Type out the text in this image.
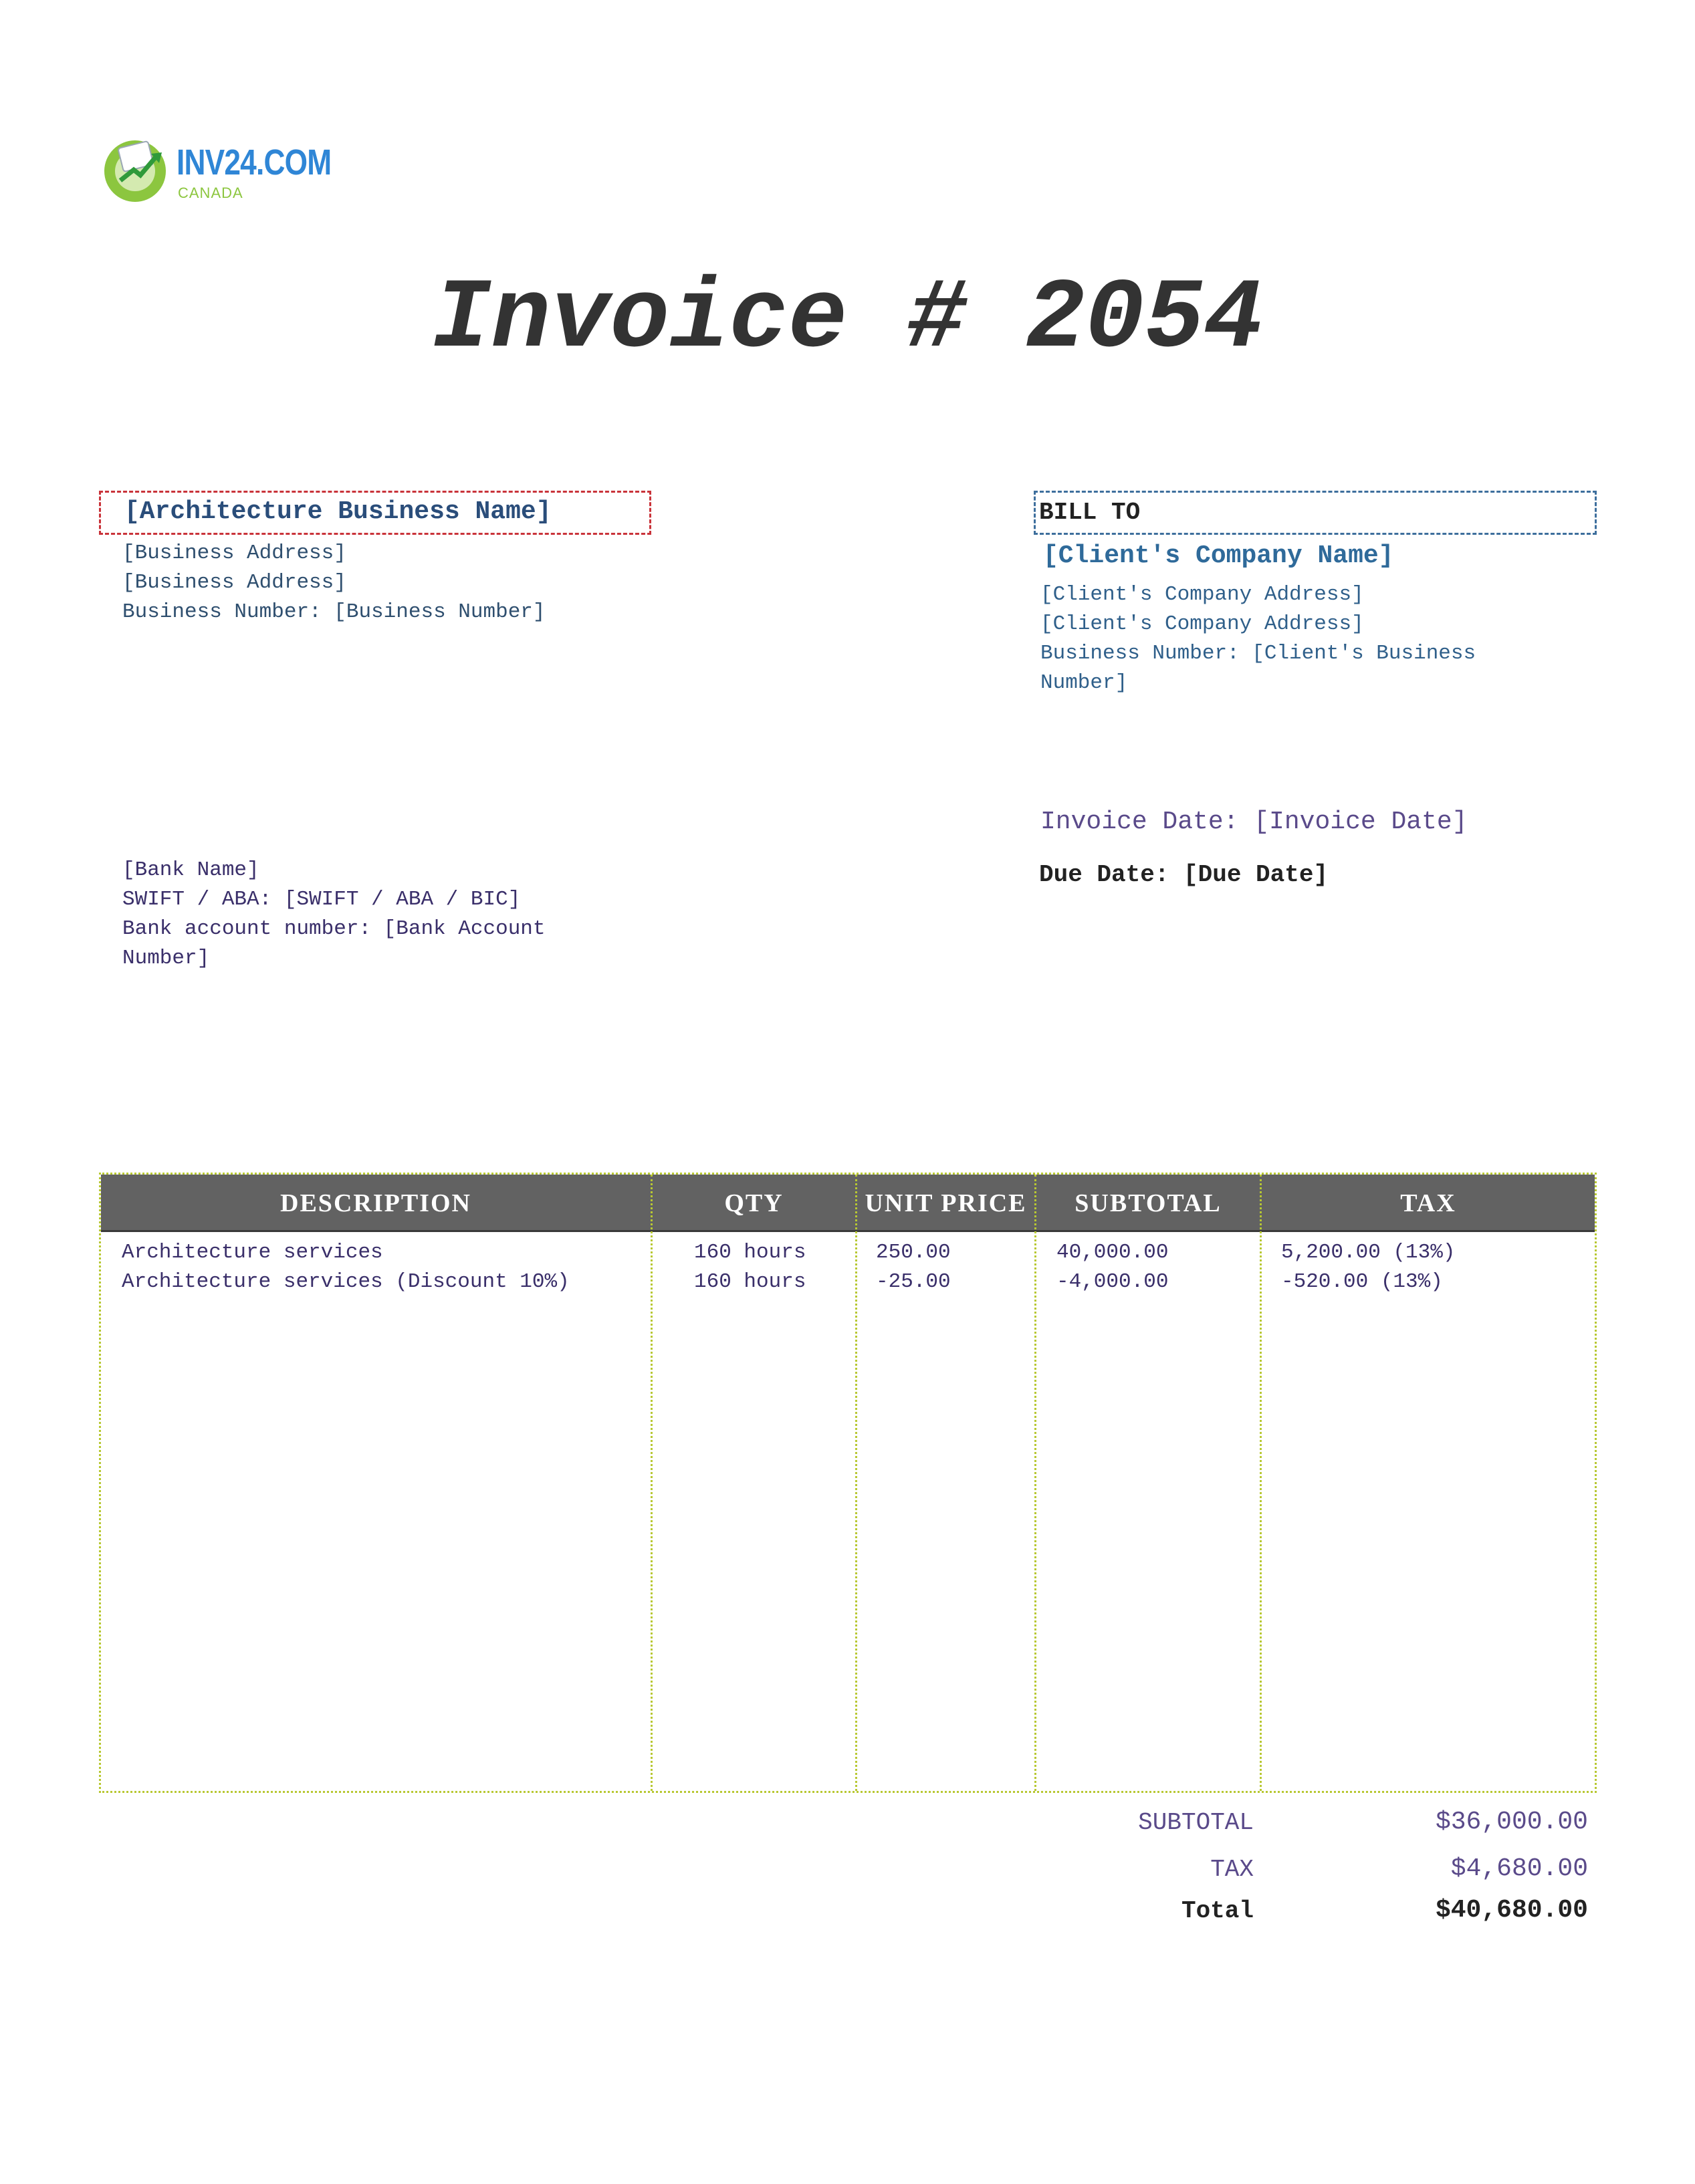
INV24.COM
CANADA
Invoice # 2054
[Architecture Business Name]
[Business Address]
[Business Address]
Business Number: [Business Number]
BILL TO
[Client's Company Name]
[Client's Company Address]
[Client's Company Address]
Business Number: [Client's Business
Number]
Invoice Date: [Invoice Date]
Due Date: [Due Date]
[Bank Name]
SWIFT / ABA: [SWIFT / ABA / BIC]
Bank account number: [Bank Account
Number]
DESCRIPTION	QTY	UNIT PRICE	SUBTOTAL	TAX
Architecture services	160 hours	250.00	40,000.00	5,200.00 (13%)
Architecture services (Discount 10%)	160 hours	-25.00	-4,000.00	-520.00 (13%)
SUBTOTAL	$36,000.00
TAX	$4,680.00
Total	$40,680.00
